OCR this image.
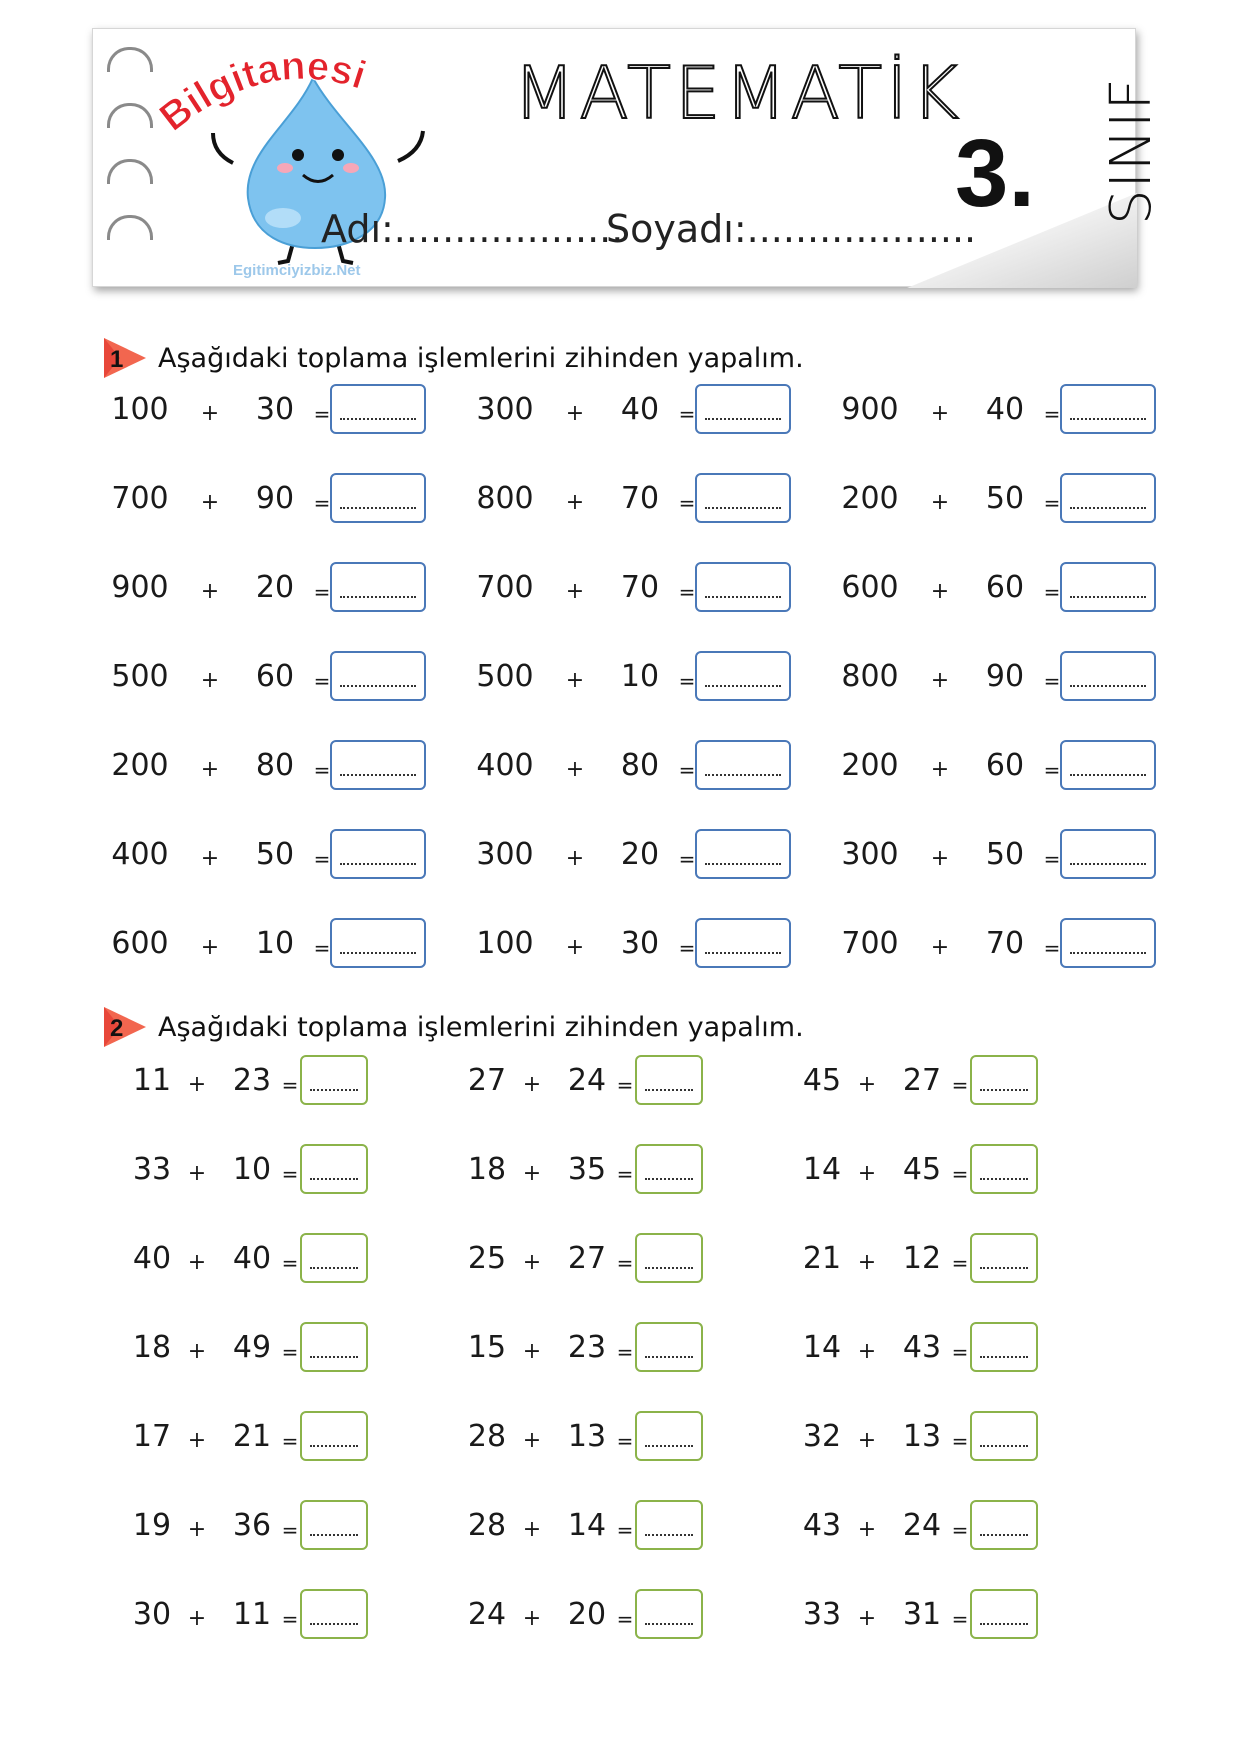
Bilgitanesi
Egitimciyizbiz.Net
MATEMATİK
3. SINIF
Adı:...................
Soyadı:...................
1 Aşağıdaki toplama işlemlerini zihinden yapalım.
100	+	30 =	300	+	40 =	900	+	40 =
700	+	90 =	800	+	70 =	200	+	50 =
900	+	20 =	700	+	70 =	600	+	60 =
500	+	60 =	500	+	10 =	800	+	90 =
200	+	80 =	400	+	80 =	200	+	60 =
400	+	50 =	300	+	20 =	300	+	50 =
600	+	10 =	100	+	30 =	700	+	70 =
2 Aşağıdaki toplama işlemlerini zihinden yapalım.
11 + 23 =	27 + 24 =	45 + 27 =
33 + 10 =	18 + 35 =	14 + 45 =
40 + 40 =	25 + 27 =	21 + 12 =
18 + 49 =	15 + 23 =	14 + 43 =
17 + 21 =	28 + 13 =	32 + 13 =
19 + 36 =	28 + 14 =	43 + 24 =
30 + 11 =	24 + 20 =	33 + 31 =
